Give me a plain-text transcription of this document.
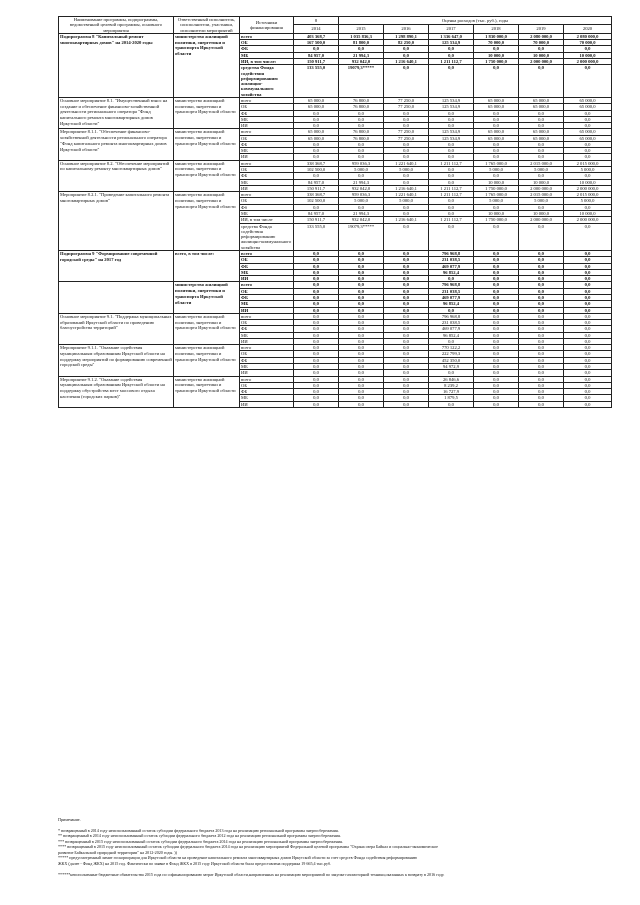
Наименование программы, подпрограммы, ведомственной целевой программы, основного мероприятия	Ответственный исполнитель, соисполнители, участники, исполнители мероприятий	Источники финансирования	8	Оценка расходов (тыс. руб.), годы					
			2014	2015	2016	2017	2018	2019	2020
Подпрограмма 8 "Капитальный ремонт многоквартирных домов" на 2014-2020 годы	министерство жилищной политики, энергетики и транспорта Иркутской области	всего	403 368,7	1 035 836,3	1 298 890,1	1 336 647,0	1 830 000,0	2 080 000,0	2 080 000,0
		ОБ	167 500,0	81 800,0	82 250,0	125 534,9	70 000,0	70 000,0	70 000,0
		ФБ	0,0	0,0	0,0	0,0	0,0	0,0	0,0
		МБ	84 957,0	21 994,3	0,0	0,0	10 000,0	10 000,0	10 000,0
		ИИ, в том числе:	150 911,7	932 042,0	1 216 640,1	1 211 112,7	1 750 000,0	2 000 000,0	2 000 000,0
		средства Фонда содействия реформированию жилищно-коммунального хозяйства	133 555,0	19079,3*****	0,0	0,0	0,0	0,0	0,0
Основное мероприятие 8.1. "Имущественный взнос на создание и обеспечение финансово-хозяйственной деятельности регионального оператора "Фонд капитального ремонта многоквартирных домов Иркутской области"	министерство жилищной политики, энергетики и транспорта Иркутской области	всего	65 000,0	76 800,0	77 250,0	125 534,9	65 000,0	65 000,0	65 000,0
		ОБ	65 000,0	76 800,0	77 250,0	125 534,9	65 000,0	65 000,0	65 000,0
		ФБ	0,0	0,0	0,0	0,0	0,0	0,0	0,0
		МБ	0,0	0,0	0,0	0,0	0,0	0,0	0,0
		ИИ	0,0	0,0	0,0	0,0	0,0	0,0	0,0
Мероприятие 8.1.1. "Обеспечение финансово-хозяйственной деятельности регионального оператора "Фонд капитального ремонта многоквартирных домов Иркутской области"	министерство жилищной политики, энергетики и транспорта Иркутской области	всего	65 000,0	76 800,0	77 250,0	125 534,9	65 000,0	65 000,0	65 000,0
		ОБ	65 000,0	76 800,0	77 250,0	125 534,9	65 000,0	65 000,0	65 000,0
		ФБ	0,0	0,0	0,0	0,0	0,0	0,0	0,0
		МБ	0,0	0,0	0,0	0,0	0,0	0,0	0,0
		ИИ	0,0	0,0	0,0	0,0	0,0	0,0	0,0
Основное мероприятие 8.2. "Обеспечение мероприятий по капитальному ремонту многоквартирных домов"	министерство жилищной политики, энергетики и транспорта Иркутской области	всего	338 368,7	959 036,3	1 221 640,1	1 211 112,7	1 765 000,0	2 015 000,0	2 015 000,0
		ОБ	102 500,0	5 000,0	5 000,0	0,0	5 000,0	5 000,0	5 000,0
		ФБ	0,0	0,0	0,0	0,0	0,0	0,0	0,0
		МБ	84 957,0	21 994,3	0,0	0,0	10 000,0	10 000,0	10 000,0
		ИИ	150 911,7	932 042,0	1 216 640,1	1 211 112,7	1 750 000,0	2 000 000,0	2 000 000,0
Мероприятие 8.2.1. "Проведение капитального ремонта многоквартирных домов"	министерство жилищной политики, энергетики и транспорта Иркутской области	всего	338 368,7	959 036,3	1 221 640,1	1 211 112,7	1 765 000,0	2 015 000,0	2 015 000,0
		ОБ	102 500,0	5 000,0	5 000,0	0,0	5 000,0	5 000,0	5 000,0
		Фб	0,0	0,0	0,0	0,0	0,0	0,0	0,0
		МБ	84 957,0	21 994,3	0,0	0,0	10 000,0	10 000,0	10 000,0
		ИИ, в том числе	150 911,7	932 042,0	1 216 640,1	1 211 112,7	1 750 000,0	2 000 000,0	2 000 000,0
		средства Фонда содействия реформированию жилищно-коммунального хозяйства	133 555,0	19079,3*****	0,0	0,0	0,0	0,0	0,0
Подпрограмма 9 "Формирование современной городской среды" на 2017 год	всего, в том числе:	всего	0,0	0,0	0,0	796 968,8	0,0	0,0	0,0
		ОБ	0,0	0,0	0,0	231 038,5	0,0	0,0	0,0
		ФБ	0,0	0,0	0,0	469 077,9	0,0	0,0	0,0
		МБ	0,0	0,0	0,0	96 852,4	0,0	0,0	0,0
		ИИ	0,0	0,0	0,0	0,0	0,0	0,0	0,0
	министерство жилищной политики, энергетики и транспорта Иркутской области	всего	0,0	0,0	0,0	796 968,8	0,0	0,0	0,0
		ОБ	0,0	0,0	0,0	231 038,5	0,0	0,0	0,0
		ФБ	0,0	0,0	0,0	469 077,9	0,0	0,0	0,0
		МБ	0,0	0,0	0,0	96 852,4	0,0	0,0	0,0
		ИИ	0,0	0,0	0,0	0,0	0,0	0,0	0,0
Основное мероприятие 9.1. "Поддержка муниципальных образований Иркутской области по проведению благоустройства территорий"	министерство жилищной политики, энергетики и транспорта Иркутской области	всего	0,0	0,0	0,0	796 968,8	0,0	0,0	0,0
		ОБ	0,0	0,0	0,0	231 038,5	0,0	0,0	0,0
		ФБ	0,0	0,0	0,0	469 077,9	0,0	0,0	0,0
		МБ	0,0	0,0	0,0	96 852,4	0,0	0,0	0,0
		ИИ	0,0	0,0	0,0	0,0	0,0	0,0	0,0
Мероприятие 9.1.1. "Оказание содействия муниципальным образованиям Иркутской области на поддержку мероприятий по формированию современной городской среды"	министерство жилищной политики, энергетики и транспорта Иркутской области	всего	0,0	0,0	0,0	770 122,2	0,0	0,0	0,0
		ОБ	0,0	0,0	0,0	222 799,3	0,0	0,0	0,0
		ФБ	0,0	0,0	0,0	452 350,0	0,0	0,0	0,0
		МБ	0,0	0,0	0,0	94 972,9	0,0	0,0	0,0
		ИИ	0,0	0,0	0,0	0,0	0,0	0,0	0,0
Мероприятие 9.1.2. "Оказание содействия муниципальным образованиям Иркутской области на поддержку обустройства мест массового отдыха населения (городских парков)"	министерство жилищной политики, энергетики и транспорта Иркутской области	всего	0,0	0,0	0,0	26 846,6	0,0	0,0	0,0
		ОБ	0,0	0,0	0,0	8 239,2	0,0	0,0	0,0
		ФБ	0,0	0,0	0,0	16 727,9	0,0	0,0	0,0
		МБ	0,0	0,0	0,0	1 879,5	0,0	0,0	0,0
		ИИ	0,0	0,0	0,0	0,0	0,0	0,0	0,0
Примечание.
* возвращенный в 2014 году неиспользованный остаток субсидии федерального бюджета 2013 года на реализацию региональной программы энергосбережения.
** возвращенный в 2014 году неиспользованный остаток субсидии федерального бюджета 2012 года на реализацию региональной программы энергосбережения.
*** возвращенный в 2015 году неиспользованный остаток субсидии федерального бюджета 2014 года на реализацию региональной программы энергосбережения.
**** возвращенный в 2015 году неиспользованный остаток субсидии федерального бюджета 2014 года на реализацию мероприятий Федеральной целевой программы "Охрана озера Байкал и социально-экономическое
развитие Байкальской природной территории" на 2012-2020 годы. ))
***** предусмотренный лимит госкорпорации для Иркутской области на проведение капитального ремонта многоквартирных домов Иркутской области за счет средств Фонда содействия реформированию
ЖКХ (далее - Фонд ЖКХ) на 2015 год. Фактически по заявке в Фонд ЖКХ в 2015 году Иркутской области была предоставлена поддержка 19 665,4 тыс.руб.
******неисполненные бюджетные обязательства 2015 года по софинансированию затрат Иркутской области,направленных на реализацию мероприятий по закупке газомоторной техники,оказанных к возврату в 2016 году.
